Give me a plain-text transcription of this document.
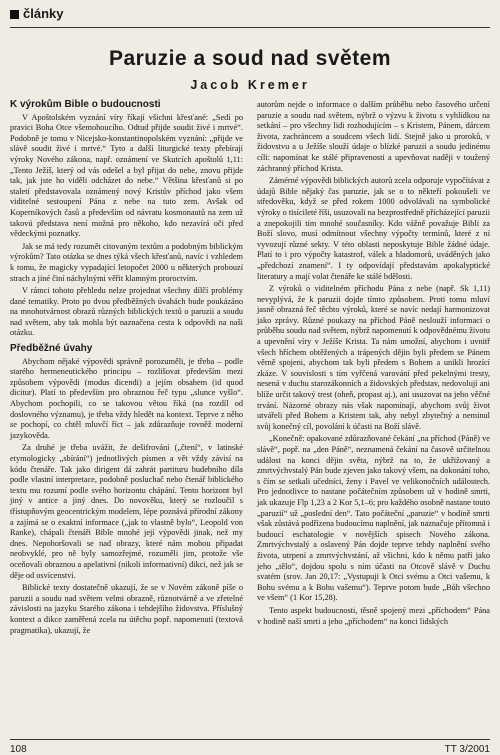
články
Paruzie a soud nad světem
Jacob Kremer
K výrokům Bible o budoucnosti

V Apoštolském vyznání víry říkají všichni křesťané: „Sedí po pravici Boha Otce všemohoucího. Odtud přijde soudit živé i mrtvé“. Podobně je tomu v Nicejsko-konstantinopolském vyznání: „přijde ve slávě soudit živé i mrtvé.“ Tyto a další liturgické texty přebírají výroky Nového zákona, např. oznámení ve Skutcích apoštolů 1,11: „Tento Ježíš, který od vás odešel a byl přijat do nebe, znovu přijde tak, jak jste ho viděli odcházet do nebe.“ Většina křesťanů si po staletí představovala oznámený nový Kristův příchod jako všem viditelné sestoupení Pána z nebe na tuto zem. Avšak od Koperníkových časů a především od návratu kosmonautů na zem už takovú představa není možná pro někoho, kdo nezavírá oči před vědeckými poznatky.

Jak se má tedy rozumět citovaným textům a podobným biblickým výrokům? Tato otázka se dnes týká všech křesťanů, navíc i vzhledem k tomu, že magicky vypadající letopočet 2000 u některých probouzí strach a jiné činí náchylnými věřit klamným proroctvím.

V rámci tohoto přehledu nelze projednat všechny dílčí problémy dané tematiky. Proto po dvou předběžných úvahách bude poukázáno na mnohotvárnost obrazů různých biblických textů o paruzii a soudu nad světem, aby tak mohla být naznačena cesta k odpovědi na naši otázku.

Předběžné úvahy

Abychom nějaké výpovědi správně porozuměli, je třeba – podle starého hermeneutického principu – rozlišovat především mezi způsobem výpovědi (modus dicendi) a jejím obsahem (id quod dicitur). Platí to především pro obraznou řeč typu „slunce vyšlo“. Abychom pochopili, co se takovou větou říká (na rozdíl od doslovného významu), je třeba vždy hledět na kontext. Teprve z něho se pochopí, co chtěl mluvčí říct – jak zdůrazňuje rovněž moderní jazykověda.

Za druhé je třeba uvážit, že dešifrování („čtení“, v latinské etymologicky „sbírání“) jednotlivých písmen a vět vždy závisí na kódu čtenáře. Tak jako dirigent dá zahrát partituru hudebního díla podle vlastní interpretace, podobně posluchač nebo čtenář biblického textu mu rozumí podle svého horizontu chápání. Tento horizont byl jiný v antice a jiný dnes. Do novověku, který se rozloučil s třístupňovým geocentrickým modelem, lépe poznává přírodní zákony a zajímá se o exaktní informace („jak to vlastně bylo“, Leopold von Ranke), chápali čtenáři Bible mnohé její výpovědi jinak, než my dnes. Nepohoršovali se nad obrazy, které nám mohou připadat neobvyklé, pro ně byly samozřejmé, rozuměli jim, protože vše oceňovali obraznou a apelativní (nikoli informativní) dikci, než jak se děje od osvícenství.

Biblické texty dostatečně ukazují, že se v Novém zákoně píše o paruzii a soudu nad světem velmi obrazně, různotvárně a ve zřetelné závislosti na jazyku Starého zákona i tehdejšího židovstva. Příslušný kontext a dikce zaměřená zcela na útěchu popř. napomenutí (textová pragmatika), ukazují, že

autorům nejde o informace o dalším průběhu nebo časového určení paruzie a soudu nad světem, nýbrž o výzvu k životu s vyhlídkou na setkání – pro všechny lidi rozhodujícím – s Kristem, Pánem, dárcem života, zachráncem a soudcem všech lidí. Stejně jako u proroků, v židovstvu a u Ježíše slouží údaje o blízké paruzii a soudu jedinému cíli: napomínat ke stálé připravenosti a upevňovat naději v toužený záchranný příchod Krista.

Zámérné výpovědi biblických autorů zcela odporuje vypočítávat z údajů Bible nějaký čas paruzie, jak se o to někteří pokoušeli ve středověku, když se před rokem 1000 odvolávali na symbolické výroky o tisícileté říši, usuzovali na bezprostředně přicházející paruzii a znepokojili tím mnohé současníky. Kdo vážně považuje Bibli za Boží slovo, musí odmítnout všechny výpočty termínů, které z ní vyvozují různé sekty. V této oblasti neposkytuje Bible žádné údaje. Platí to i pro výpočty katastrof, válek a hladomorů, uváděných jako „předchozí znamení“. I ty odpovídají představám apokalyptické literatury a mají volat čtenáře ke stálé bdělosti.

Z výroků o viditelném příchodu Pána z nebe (např. Sk 1,11) nevyplývá, že k paruzii dojde tímto způsobem. Proti tomu mluví jasně obrazná řeč těchto výroků, které se navíc nedají harmonizovat jako zprávy. Různé poukazy na příchod Páně neslouží informaci o průběhu soudu nad světem, nýbrž napomenutí k odpovědnému životu a upevnění víry v Ježíše Krista. Ta nám umožní, abychom i uvnitř všech hříchem obtěžených a trápených dějin byli předem se Pánem věrně spojeni, abychom tak byli předem s Bohem a unikli hrozící zkáze. V souvislosti s tím vyřčená varování před pekelnými tresty, nesená v duchu starozákonních a židovských představ, nedovolují ani blíže určit takový trest (oheň, propast aj.), ani usuzovat na jeho věčné trvání. Názorné obrazy nás však napomínají, abychom svůj život utvářeli před Bohem a Kristem tak, aby nebyl zbytečný a neminul svůj konečný cíl, povolání k účasti na Boží slávě.

„Konečně: opakované zdůrazňované čekání „na příchod (Páně) ve slávě“, popř. na „den Páně“, neznamená čekání na časově určitelnou událost na konci dějin světa, nýbrž na to, že ukřižovaný a zmrtvýchvstalý Pán bude zjeven jako takový všem, na dokonání toho, s čím se setkali učedníci, ženy i Pavel ve velikonočních událostech. Pro jednotlivce to nastane počátečním způsobem už v hodině smrti, jak ukazuje Flp 1,23 a 2 Kor 5,1–6; pro každého osobně nastane touto „paruzií“ už „poslední den“. Tato počáteční „paruzie“ v hodině smrti však zůstává podřízena budoucímu naplnění, jak naznačuje přítomná i budoucí eschatologie v novějších spisech Nového zákona. Zmrtvýchvstalý a oslavený Pán dojde teprve tehdy naplnění svého života, utrpení a zmrtvýchvstání, až všichni, kdo k němu patří jako jeho „tělo“, dojdou spolu s ním účasti na Otcově slávě v Duchu svatém (srov. Jan 20,17: „Vystupuji k Otci svému a Otci vašemu, k Bohu svému a k Bohu vašemu“). Teprve potom bude „Bůh všechno ve všem“ (1 Kor 15,28).

Tento aspekt budoucnosti, těsně spojený mezi „příchodem“ Pána v hodině naší smrti a jeho „příchodem“ na konci lidských

108	TT 3/2001
